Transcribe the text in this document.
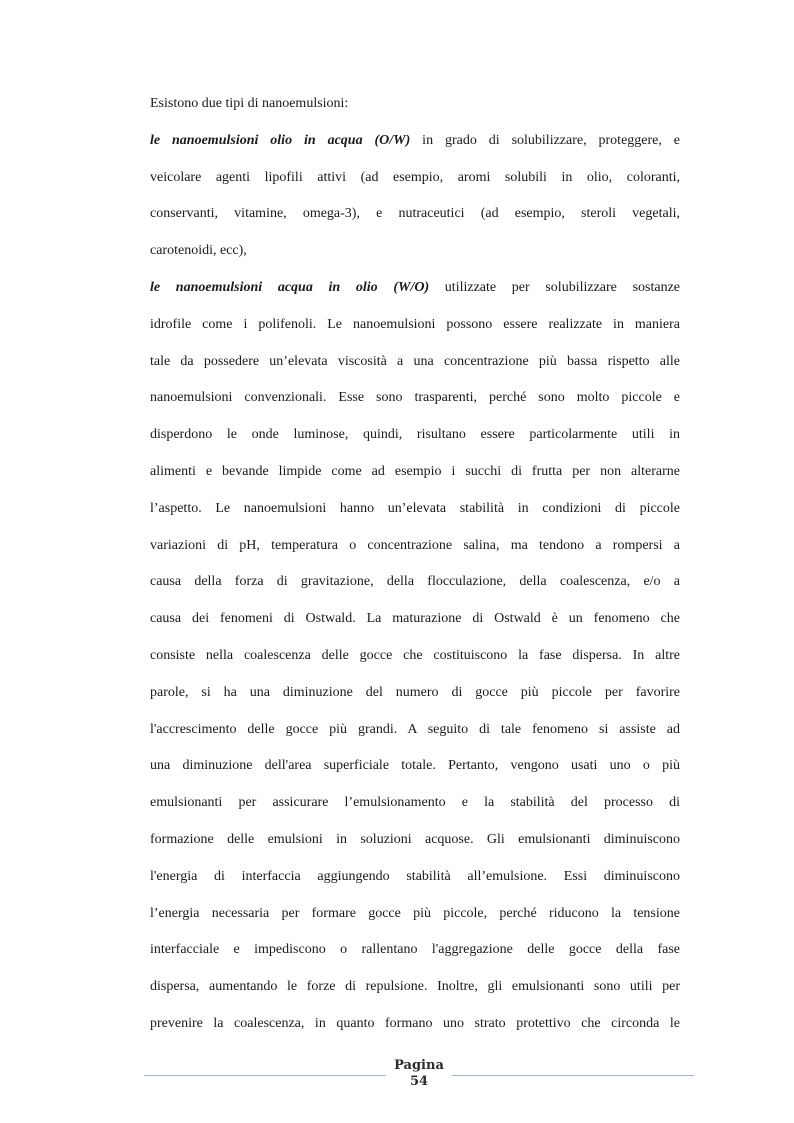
Esistono due tipi di nanoemulsioni:
le nanoemulsioni olio in acqua (O/W) in grado di solubilizzare, proteggere, e
veicolare agenti lipofili attivi (ad esempio, aromi solubili in olio, coloranti,
conservanti, vitamine, omega-3), e nutraceutici (ad esempio, steroli vegetali,
carotenoidi, ecc),
le nanoemulsioni acqua in olio (W/O) utilizzate per solubilizzare sostanze
idrofile come i polifenoli. Le nanoemulsioni possono essere realizzate in maniera
tale da possedere un’elevata viscosità a una concentrazione più bassa rispetto alle
nanoemulsioni convenzionali. Esse sono trasparenti, perché sono molto piccole e
disperdono le onde luminose, quindi, risultano essere particolarmente utili in
alimenti e bevande limpide come ad esempio i succhi di frutta per non alterarne
l’aspetto. Le nanoemulsioni hanno un’elevata stabilità in condizioni di piccole
variazioni di pH, temperatura o concentrazione salina, ma tendono a rompersi a
causa della forza di gravitazione, della flocculazione, della coalescenza, e/o a
causa dei fenomeni di Ostwald. La maturazione di Ostwald è un fenomeno che
consiste nella coalescenza delle gocce che costituiscono la fase dispersa. In altre
parole, si ha una diminuzione del numero di gocce più piccole per favorire
l'accrescimento delle gocce più grandi. A seguito di tale fenomeno si assiste ad
una diminuzione dell'area superficiale totale. Pertanto, vengono usati uno o più
emulsionanti per assicurare l’emulsionamento e la stabilità del processo di
formazione delle emulsioni in soluzioni acquose. Gli emulsionanti diminuiscono
l'energia di interfaccia aggiungendo stabilità all’emulsione. Essi diminuiscono
l’energia necessaria per formare gocce più piccole, perché riducono la tensione
interfacciale e impediscono o rallentano l'aggregazione delle gocce della fase
dispersa, aumentando le forze di repulsione. Inoltre, gli emulsionanti sono utili per
prevenire la coalescenza, in quanto formano uno strato protettivo che circonda le
Pagina
54
